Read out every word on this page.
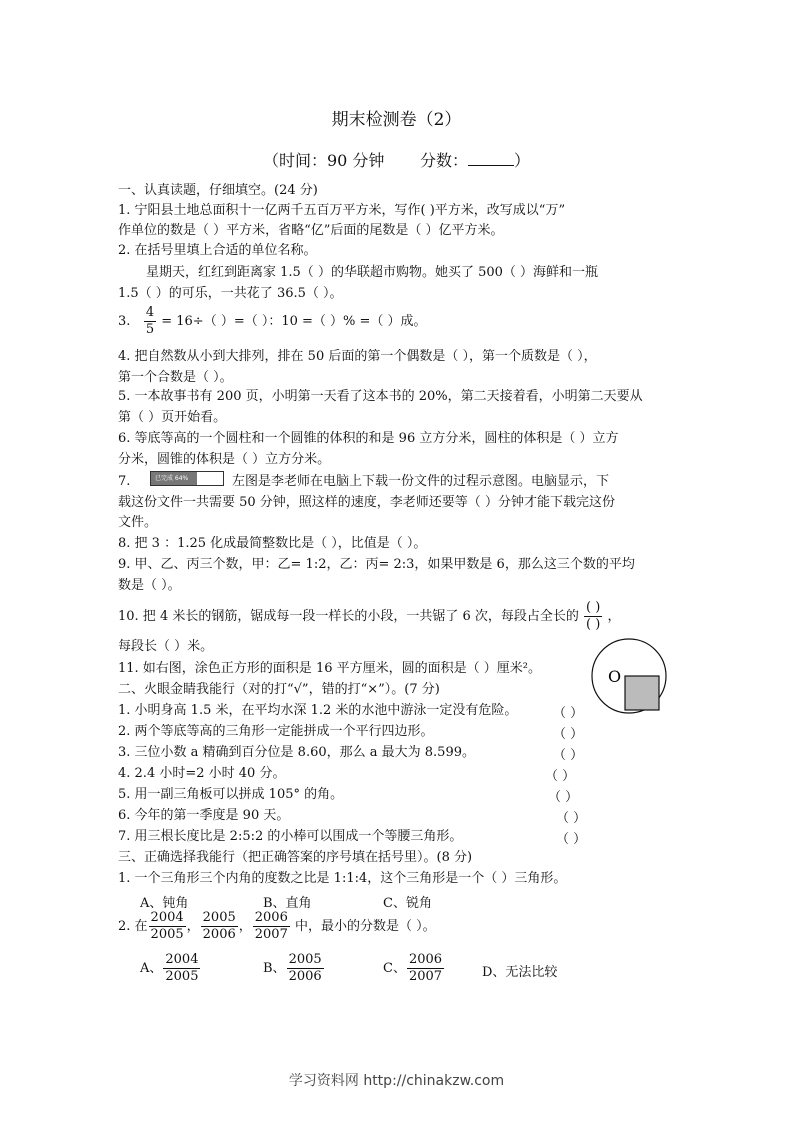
期末检测卷（2）
（时间：90 分钟 分数：	）
一、认真读题，仔细填空。(24 分)
1. 宁阳县土地总面积十一亿两千五百万平方米，写作( )平方米，改写成以“万”
作单位的数是（ ）平方米，省略“亿”后面的尾数是（ ）亿平方米。
2. 在括号里填上合适的单位名称。
星期天，红红到距离家 1.5（ ）的华联超市购物。她买了 500（ ）海鲜和一瓶
1.5（ ）的可乐，一共花了 36.5（ ）。
3. $\frac{4}{5} = 16\div$（ ）=（ ）：10 =（ ）% =（ ）成。
4. 把自然数从小到大排列，排在 50 后面的第一个偶数是（ ），第一个质数是（ ），
第一个合数是（ ）。
5. 一本故事书有 200 页，小明第一天看了这本书的 20%，第二天接着看，小明第二天要从
第（ ）页开始看。
6. 等底等高的一个圆柱和一个圆锥的体积的和是 96 立方分米，圆柱的体积是（ ）立方
分米，圆锥的体积是（ ）立方分米。
7.	已完成 64%	左图是李老师在电脑上下载一份文件的过程示意图。电脑显示，下
载这份文件一共需要 50 分钟，照这样的速度，李老师还要等（ ）分钟才能下载完这份
文件。
8. 把 3 ：1.25 化成最简整数比是（ ），比值是（ ）。
9. 甲、乙、丙三个数，甲：乙= 1:2，乙：丙= 2:3，如果甲数是 6，那么这三个数的平均
数是（ ）。
10. 把 4 米长的钢筋，锯成每一段一样长的小段，一共锯了 6 次，每段占全长的 $\frac{( )}{( )}$ ，
每段长（ ）米。
11. 如右图，涂色正方形的面积是 16 平方厘米，圆的面积是（ ）厘米²。	O
二、火眼金睛我能行（对的打“√”，错的打“×”）。(7 分)
1. 小明身高 1.5 米，在平均水深 1.2 米的水池中游泳一定没有危险。	（ ）
2. 两个等底等高的三角形一定能拼成一个平行四边形。	（ ）
3. 三位小数 a 精确到百分位是 8.60，那么 a 最大为 8.599。	（ ）
4. 2.4 小时=2 小时 40 分。	（ ）
5. 用一副三角板可以拼成 105° 的角。	（ ）
6. 今年的第一季度是 90 天。	（ ）
7. 用三根长度比是 2:5:2 的小棒可以围成一个等腰三角形。	（ ）
三、正确选择我能行（把正确答案的序号填在括号里）。(8 分)
1. 一个三角形三个内角的度数之比是 1:1:4，这个三角形是一个（ ）三角形。
A、钝角	B、直角	C、锐角
2. 在 $\frac{2004}{2005}$ ， $\frac{2005}{2006}$ ， $\frac{2006}{2007}$ 中，最小的分数是（ ）。
A、 $\frac{2004}{2005}$	B、 $\frac{2005}{2006}$	C、 $\frac{2006}{2007}$	D、无法比较
学习资料网 http://chinakzw.com
